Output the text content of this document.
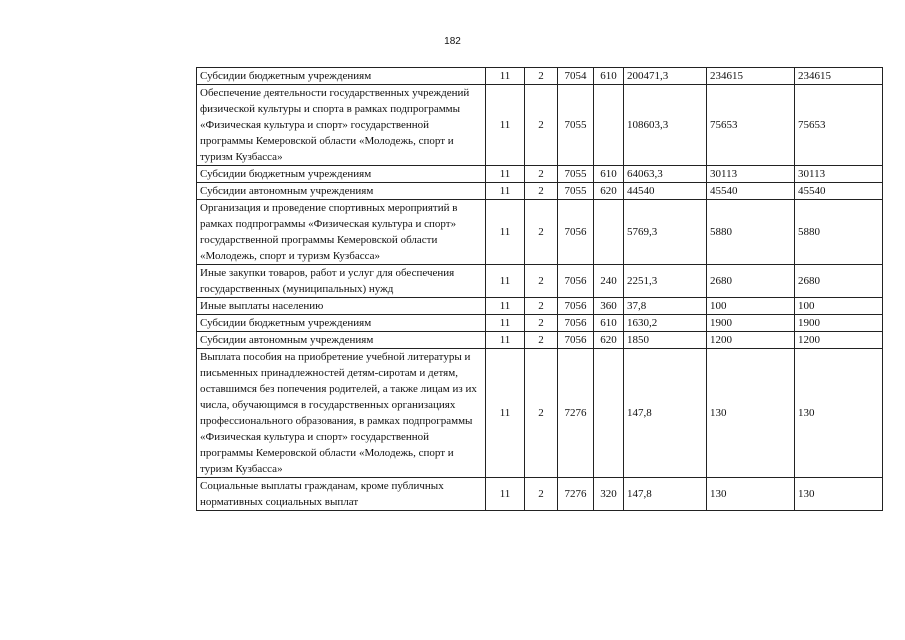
182
Субсидии бюджетным учреждениям	11	2	7054	610	200471,3	234615	234615
Обеспечение деятельности государственных учреждений физической культуры и спорта в рамках подпрограммы «Физическая культура и спорт» государственной программы Кемеровской области «Молодежь, спорт и туризм Кузбасса»	11	2	7055		108603,3	75653	75653
Субсидии бюджетным учреждениям	11	2	7055	610	64063,3	30113	30113
Субсидии автономным учреждениям	11	2	7055	620	44540	45540	45540
Организация и проведение спортивных мероприятий в рамках подпрограммы «Физическая культура и спорт» государственной программы Кемеровской области «Молодежь, спорт и туризм Кузбасса»	11	2	7056		5769,3	5880	5880
Иные закупки товаров, работ и услуг для обеспечения государственных (муниципальных) нужд	11	2	7056	240	2251,3	2680	2680
Иные выплаты населению	11	2	7056	360	37,8	100	100
Субсидии бюджетным учреждениям	11	2	7056	610	1630,2	1900	1900
Субсидии автономным учреждениям	11	2	7056	620	1850	1200	1200
Выплата пособия на приобретение учебной литературы и письменных принадлежностей детям-сиротам и детям, оставшимся без попечения родителей, а также лицам из их числа, обучающимся в государственных организациях профессионального образования, в рамках подпрограммы «Физическая культура и спорт» государственной программы Кемеровской области «Молодежь, спорт и туризм Кузбасса»	11	2	7276		147,8	130	130
Социальные выплаты гражданам, кроме публичных нормативных социальных выплат	11	2	7276	320	147,8	130	130
